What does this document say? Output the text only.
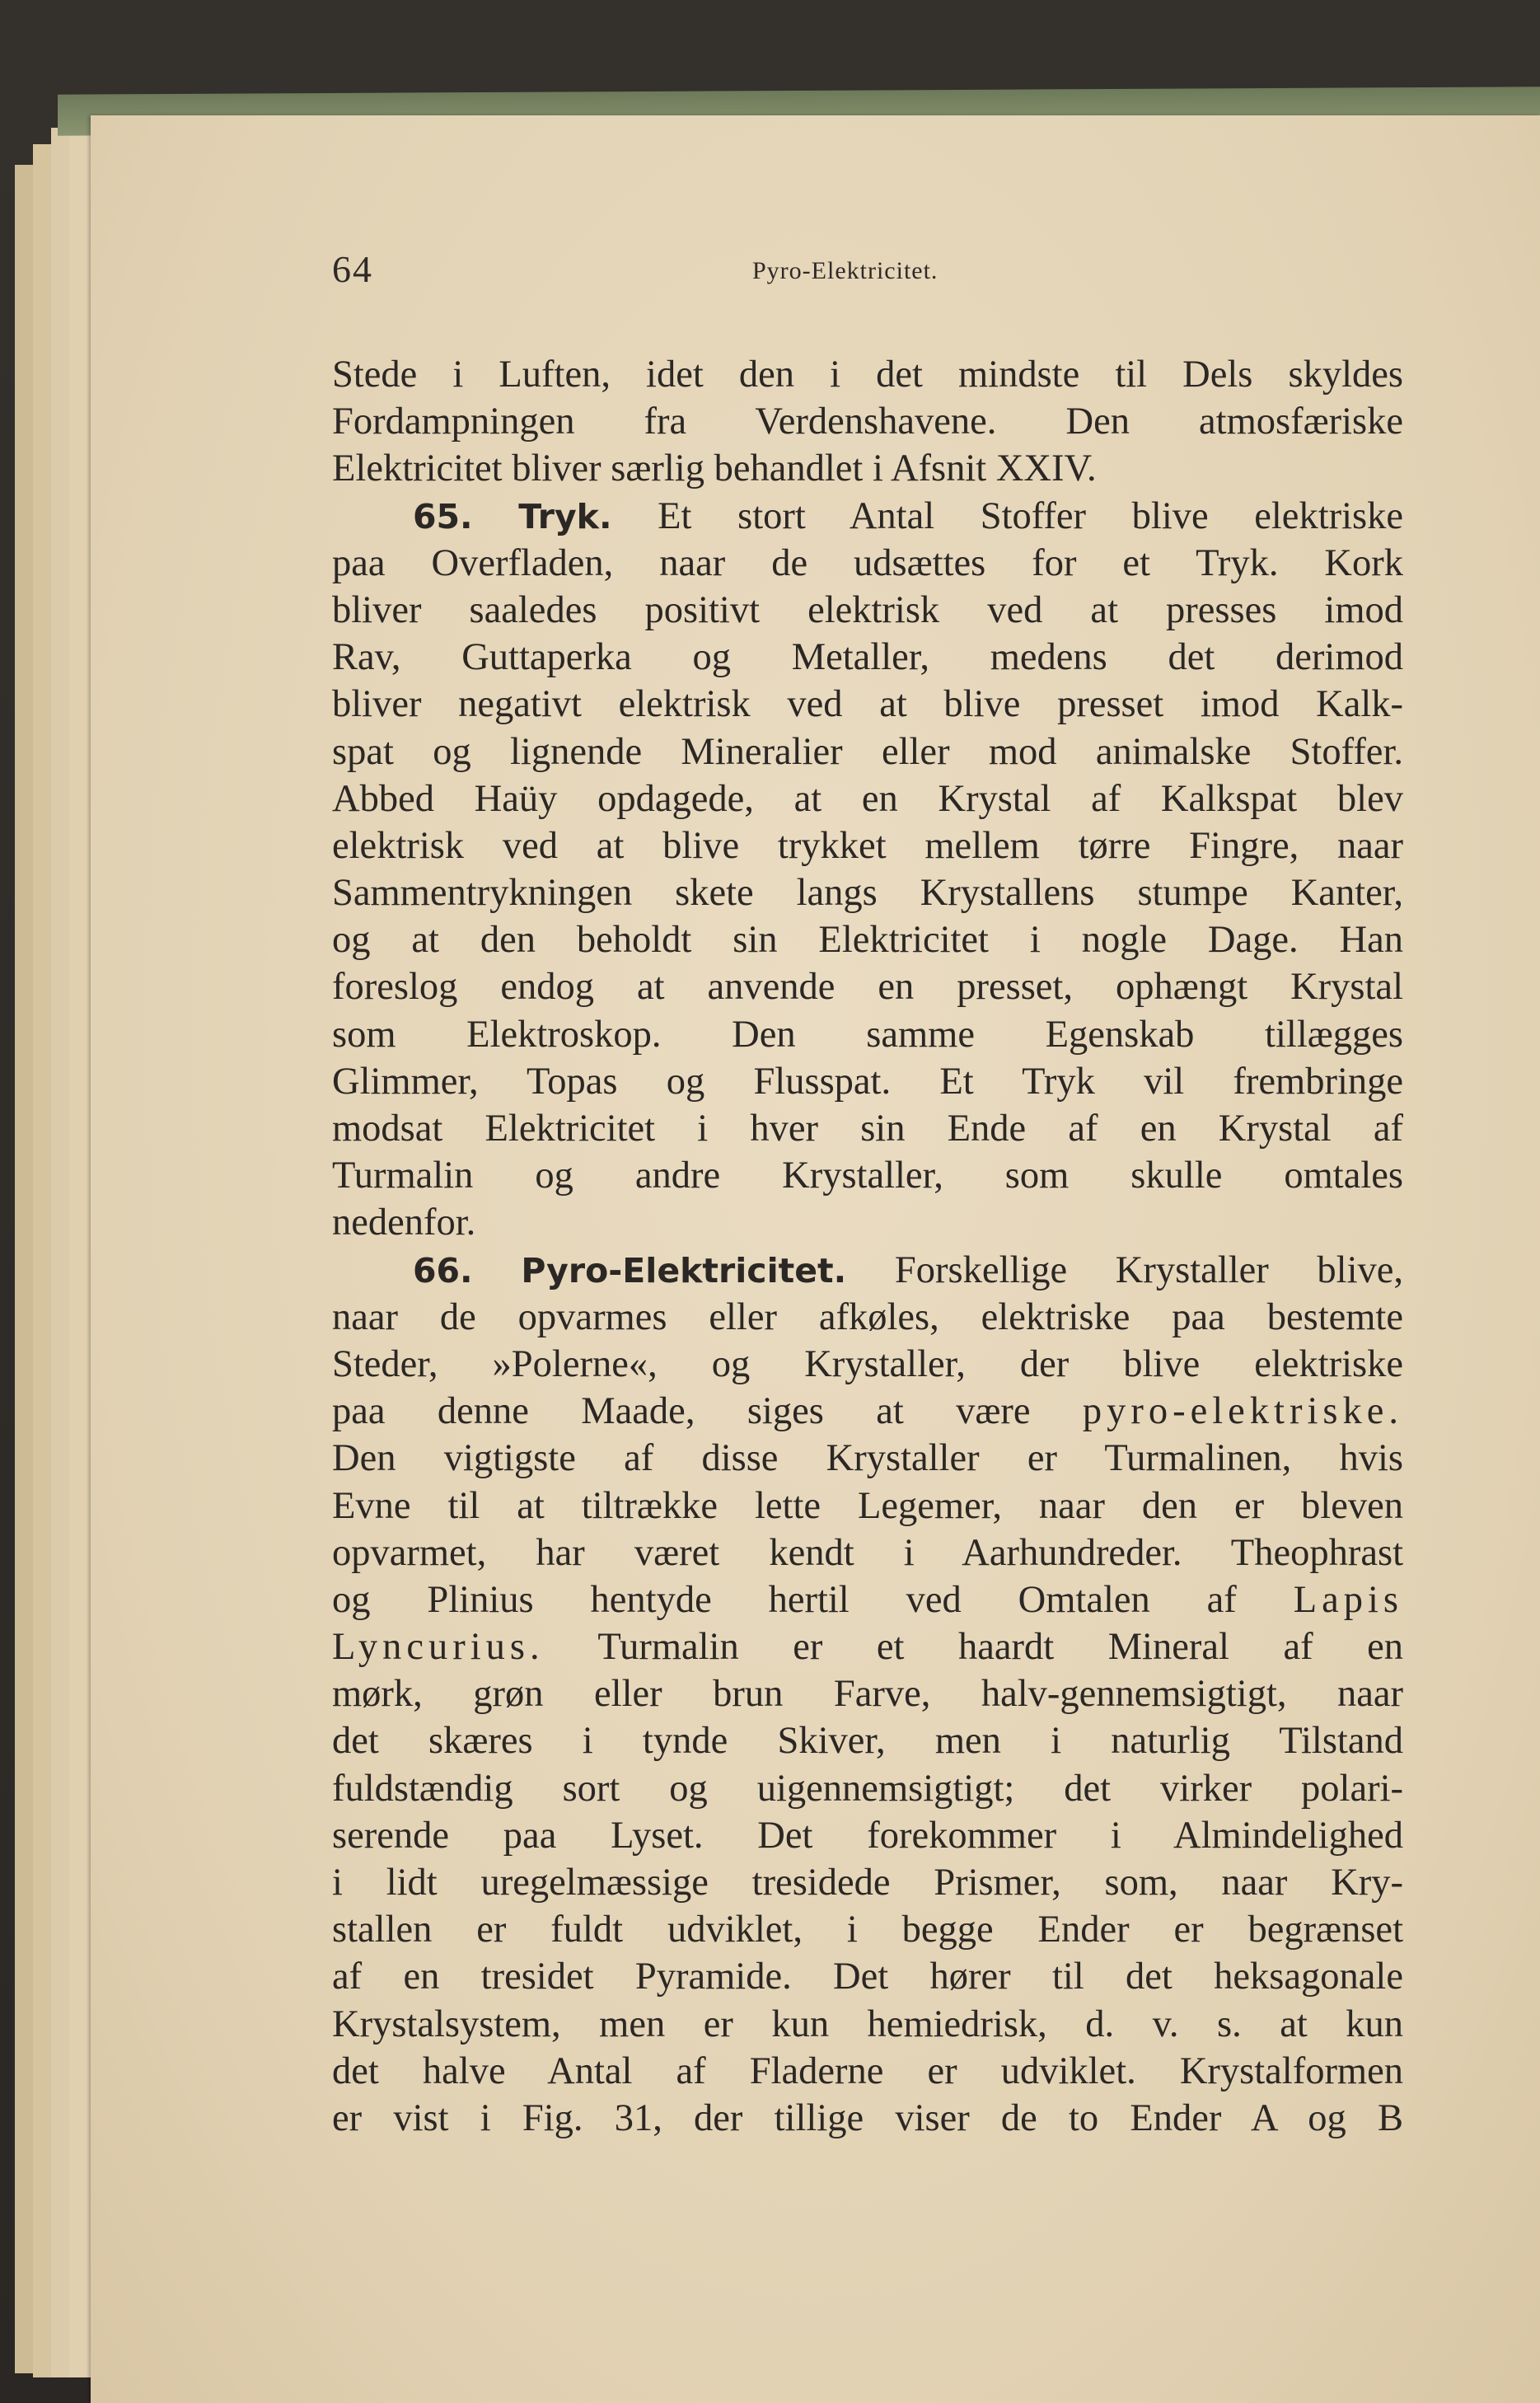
64	Pyro-Elektricitet.
Stede i Luften, idet den i det mindste til Dels skyldes
Fordampningen fra Verdenshavene. Den atmosfæriske
Elektricitet bliver særlig behandlet i Afsnit XXIV.
65. Tryk. Et stort Antal Stoffer blive elektriske
paa Overfladen, naar de udsættes for et Tryk. Kork
bliver saaledes positivt elektrisk ved at presses imod
Rav, Guttaperka og Metaller, medens det derimod
bliver negativt elektrisk ved at blive presset imod Kalk-
spat og lignende Mineralier eller mod animalske Stoffer.
Abbed Haüy opdagede, at en Krystal af Kalkspat blev
elektrisk ved at blive trykket mellem tørre Fingre, naar
Sammentrykningen skete langs Krystallens stumpe Kanter,
og at den beholdt sin Elektricitet i nogle Dage. Han
foreslog endog at anvende en presset, ophængt Krystal
som Elektroskop. Den samme Egenskab tillægges
Glimmer, Topas og Flusspat. Et Tryk vil frembringe
modsat Elektricitet i hver sin Ende af en Krystal af
Turmalin og andre Krystaller, som skulle omtales
nedenfor.
66. Pyro-Elektricitet. Forskellige Krystaller blive,
naar de opvarmes eller afkøles, elektriske paa bestemte
Steder, »Polerne«, og Krystaller, der blive elektriske
paa denne Maade, siges at være pyro-elektriske.
Den vigtigste af disse Krystaller er Turmalinen, hvis
Evne til at tiltrække lette Legemer, naar den er bleven
opvarmet, har været kendt i Aarhundreder. Theophrast
og Plinius hentyde hertil ved Omtalen af Lapis
Lyncurius. Turmalin er et haardt Mineral af en
mørk, grøn eller brun Farve, halv-gennemsigtigt, naar
det skæres i tynde Skiver, men i naturlig Tilstand
fuldstændig sort og uigennemsigtigt; det virker polari-
serende paa Lyset. Det forekommer i Almindelighed
i lidt uregelmæssige tresidede Prismer, som, naar Kry-
stallen er fuldt udviklet, i begge Ender er begrænset
af en tresidet Pyramide. Det hører til det heksagonale
Krystalsystem, men er kun hemiedrisk, d. v. s. at kun
det halve Antal af Fladerne er udviklet. Krystalformen
er vist i Fig. 31, der tillige viser de to Ender A og B
